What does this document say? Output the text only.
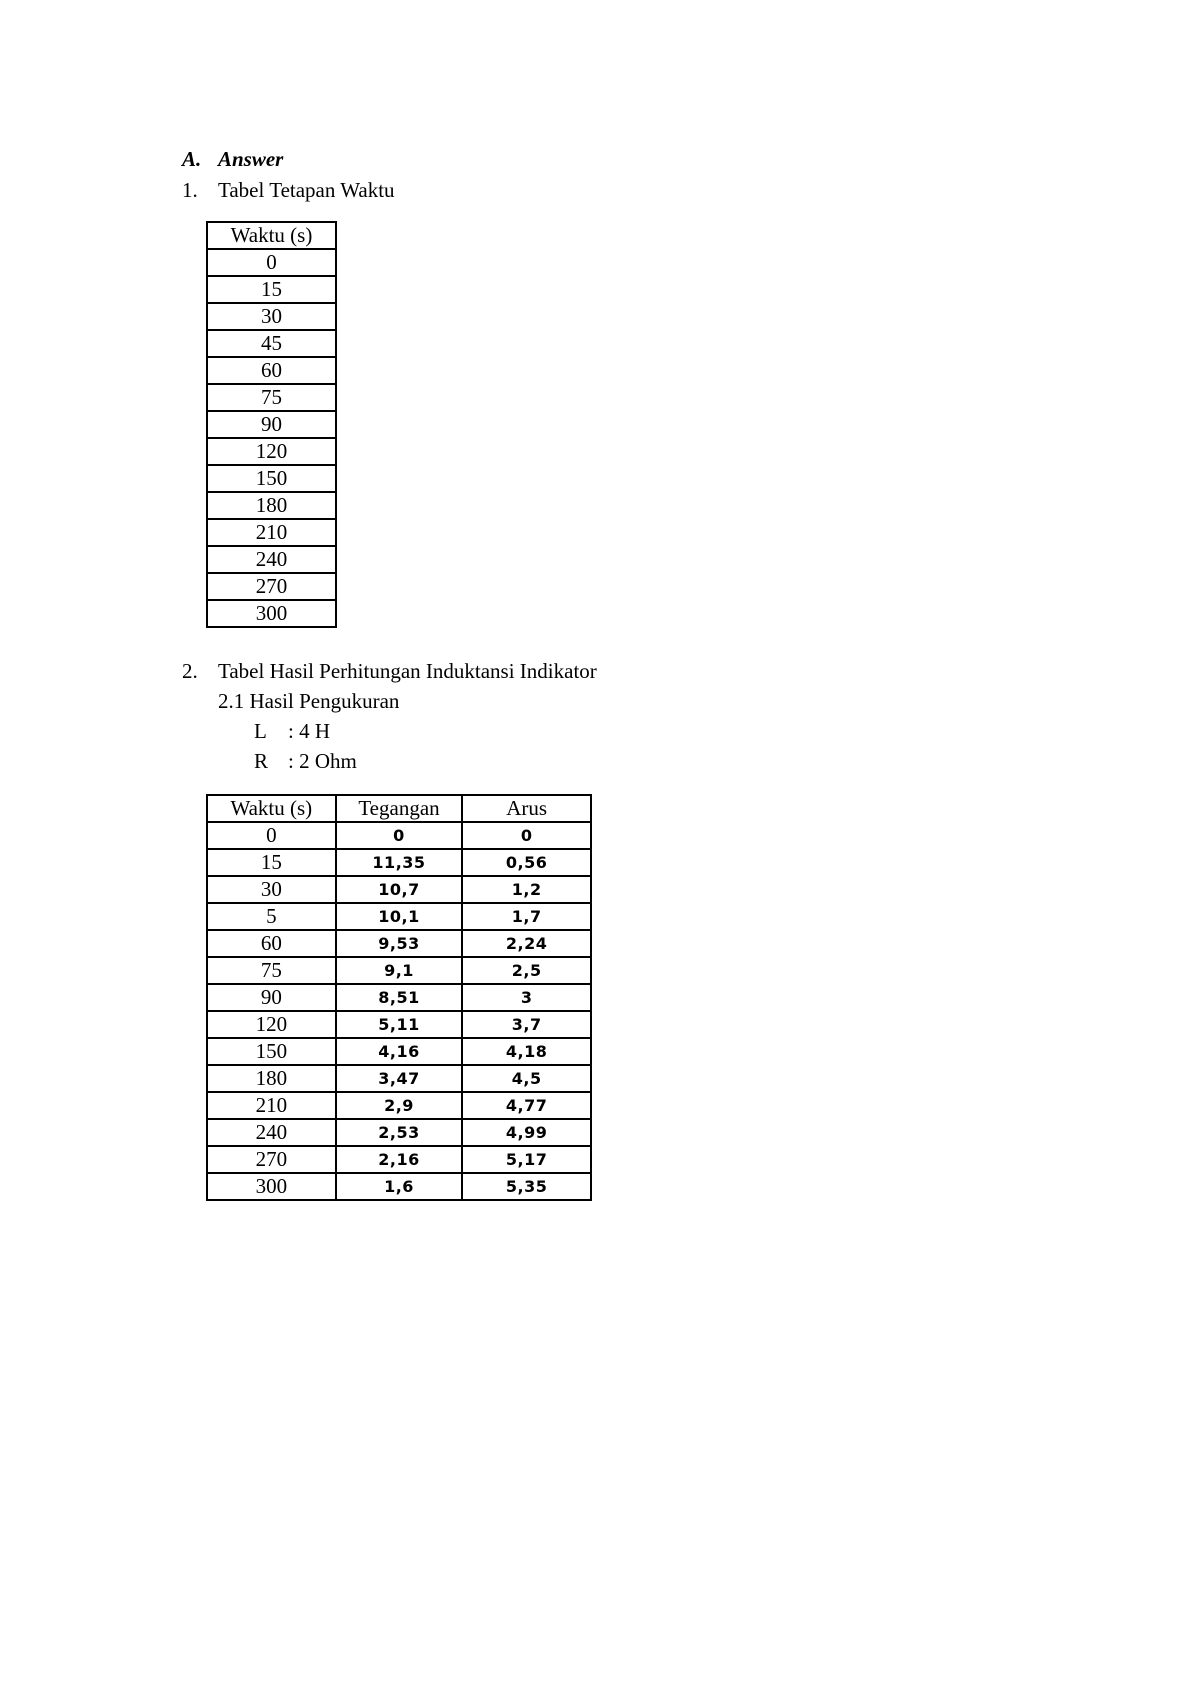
A. Answer
1. Tabel Tetapan Waktu
Waktu (s)
0
15
30
45
60
75
90
120
150
180
210
240
270
300
2. Tabel Hasil Perhitungan Induktansi Indikator
2.1 Hasil Pengukuran
L : 4 H
R : 2 Ohm
Waktu (s)	Tegangan	Arus
0	0	0
15	11,35	0,56
30	10,7	1,2
5	10,1	1,7
60	9,53	2,24
75	9,1	2,5
90	8,51	3
120	5,11	3,7
150	4,16	4,18
180	3,47	4,5
210	2,9	4,77
240	2,53	4,99
270	2,16	5,17
300	1,6	5,35
